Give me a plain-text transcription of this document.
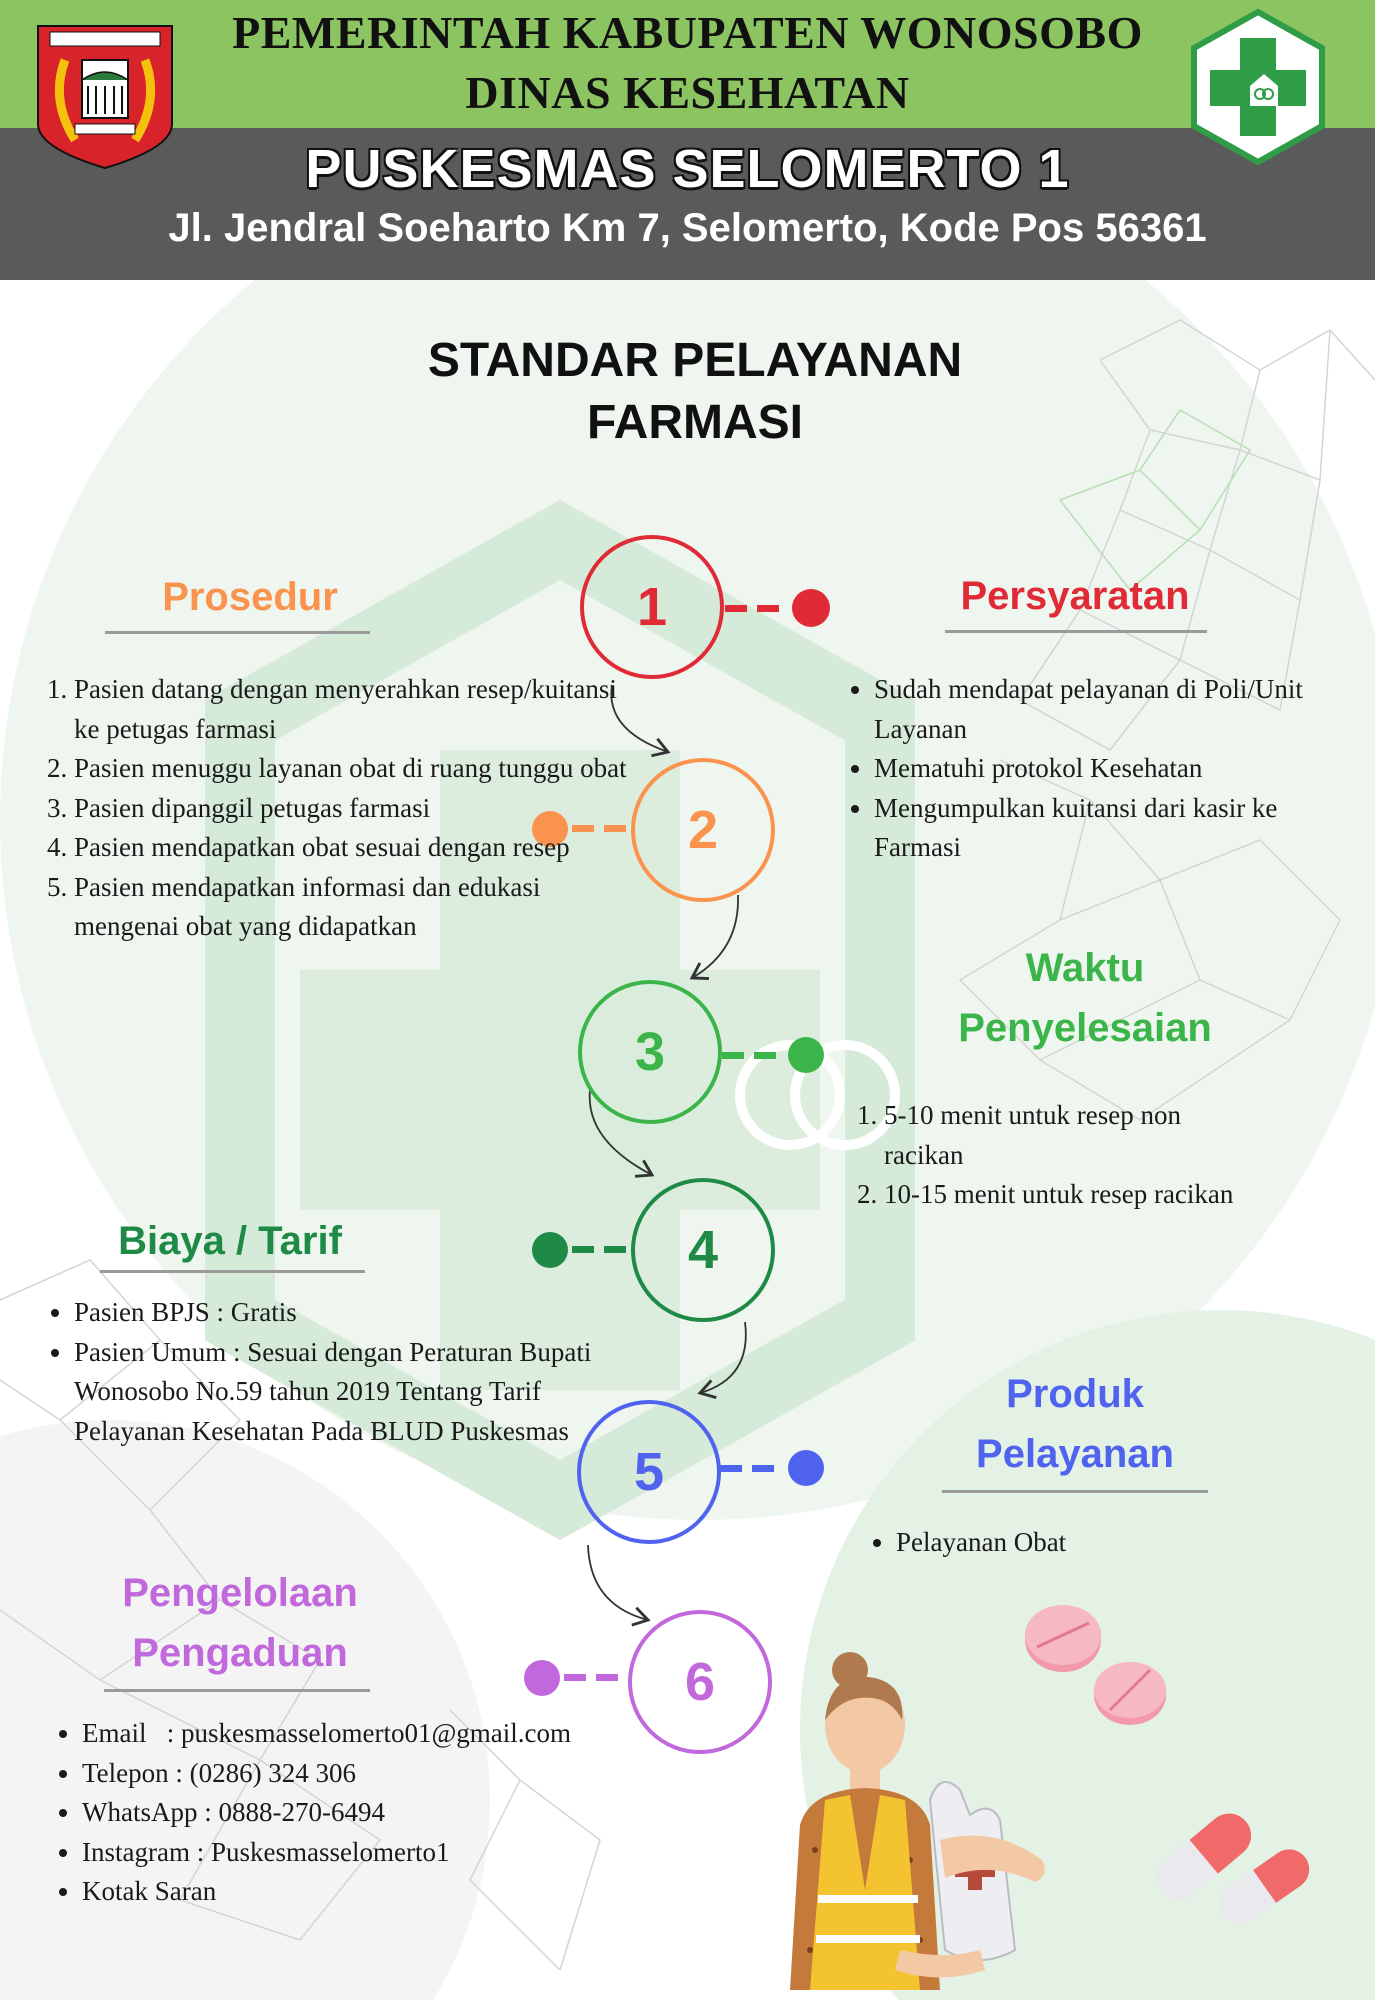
PEMERINTAH KABUPATEN WONOSOBO
DINAS KESEHATAN
PUSKESMAS SELOMERTO 1
Jl. Jendral Soeharto Km 7, Selomerto, Kode Pos 56361
STANDAR PELAYANAN
FARMASI
1
2
3
4
5
6
Prosedur
1. Pasien datang dengan menyerahkan resep/kuitansi ke petugas farmasi
2. Pasien menuggu layanan obat di ruang tunggu obat
3. Pasien dipanggil petugas farmasi
4. Pasien mendapatkan obat sesuai dengan resep
5. Pasien mendapatkan informasi dan edukasi mengenai obat yang didapatkan
Persyaratan
• Sudah mendapat pelayanan di Poli/Unit Layanan
• Mematuhi protokol Kesehatan
• Mengumpulkan kuitansi dari kasir ke Farmasi
Waktu
Penyelesaian
1. 5-10 menit untuk resep non racikan
2. 10-15 menit untuk resep racikan
Biaya / Tarif
• Pasien BPJS : Gratis
• Pasien Umum : Sesuai dengan Peraturan Bupati Wonosobo No.59 tahun 2019 Tentang Tarif Pelayanan Kesehatan Pada BLUD Puskesmas
Produk
Pelayanan
• Pelayanan Obat
Pengelolaan
Pengaduan
• Email   : puskesmasselomerto01@gmail.com
• Telepon : (0286) 324 306
• WhatsApp : 0888-270-6494
• Instagram : Puskesmasselomerto1
• Kotak Saran
